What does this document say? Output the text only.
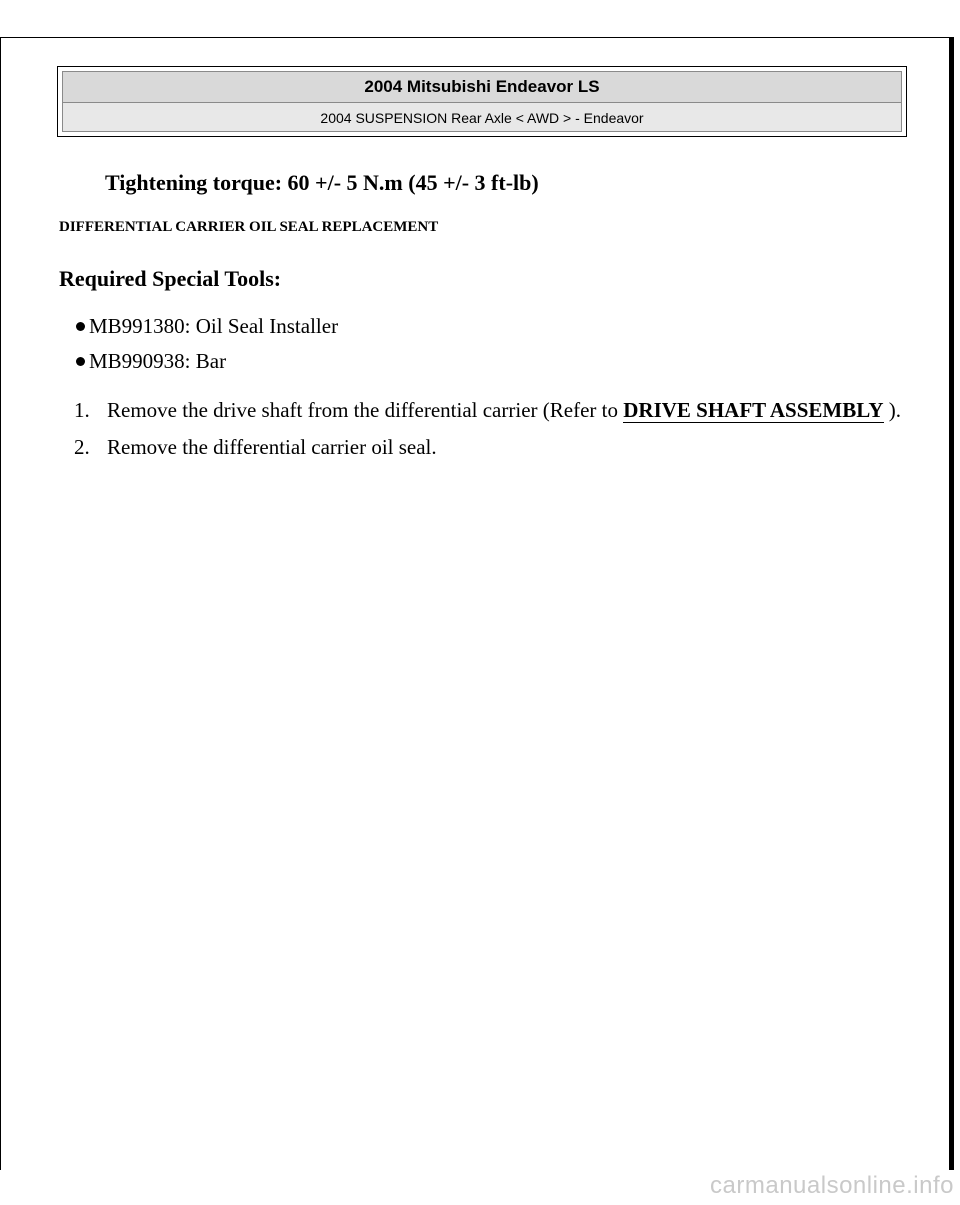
2004 Mitsubishi Endeavor LS
2004 SUSPENSION Rear Axle < AWD > - Endeavor

Tightening torque: 60 +/- 5 N.m (45 +/- 3 ft-lb)

DIFFERENTIAL CARRIER OIL SEAL REPLACEMENT

Required Special Tools:

MB991380: Oil Seal Installer
MB990938: Bar
1. Remove the drive shaft from the differential carrier (Refer to DRIVE SHAFT ASSEMBLY ).
2. Remove the differential carrier oil seal.
carmanualsonline.info
